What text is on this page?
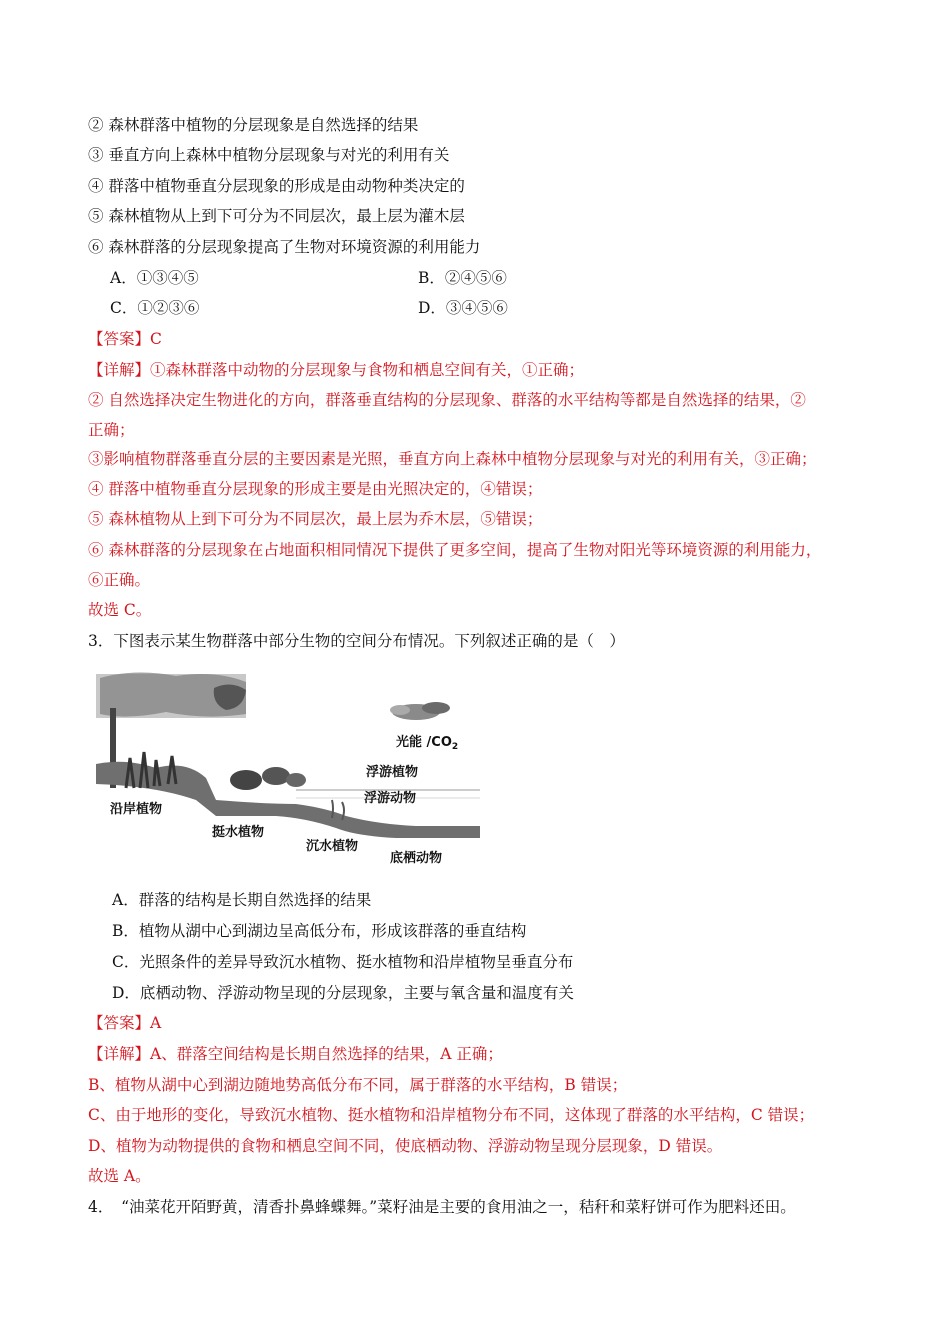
② 森林群落中植物的分层现象是自然选择的结果
③ 垂直方向上森林中植物分层现象与对光的利用有关
④ 群落中植物垂直分层现象的形成是由动物种类决定的
⑤ 森林植物从上到下可分为不同层次，最上层为灌木层
⑥ 森林群落的分层现象提高了生物对环境资源的利用能力
A．①③④⑤	B．②④⑤⑥
C．①②③⑥	D．③④⑤⑥
【答案】C
【详解】①森林群落中动物的分层现象与食物和栖息空间有关，①正确；
② 自然选择决定生物进化的方向，群落垂直结构的分层现象、群落的水平结构等都是自然选择的结果，②
正确；
③影响植物群落垂直分层的主要因素是光照，垂直方向上森林中植物分层现象与对光的利用有关，③正确；
④ 群落中植物垂直分层现象的形成主要是由光照决定的，④错误；
⑤ 森林植物从上到下可分为不同层次，最上层为乔木层，⑤错误；
⑥ 森林群落的分层现象在占地面积相同情况下提供了更多空间，提高了生物对阳光等环境资源的利用能力，
⑥正确。
故选 C。
3．下图表示某生物群落中部分生物的空间分布情况。下列叙述正确的是（　）
光能 $/CO_2$
浮游植物
浮游动物
沿岸植物
挺水植物
沉水植物
底栖动物
A．群落的结构是长期自然选择的结果
B．植物从湖中心到湖边呈高低分布，形成该群落的垂直结构
C．光照条件的差异导致沉水植物、挺水植物和沿岸植物呈垂直分布
D．底栖动物、浮游动物呈现的分层现象，主要与氧含量和温度有关
【答案】A
【详解】A、群落空间结构是长期自然选择的结果，A 正确；
B、植物从湖中心到湖边随地势高低分布不同，属于群落的水平结构，B 错误；
C、由于地形的变化，导致沉水植物、挺水植物和沿岸植物分布不同，这体现了群落的水平结构，C 错误；
D、植物为动物提供的食物和栖息空间不同，使底栖动物、浮游动物呈现分层现象，D 错误。
故选 A。
4．　“油菜花开陌野黄，清香扑鼻蜂蝶舞。”菜籽油是主要的食用油之一，秸秆和菜籽饼可作为肥料还田。
